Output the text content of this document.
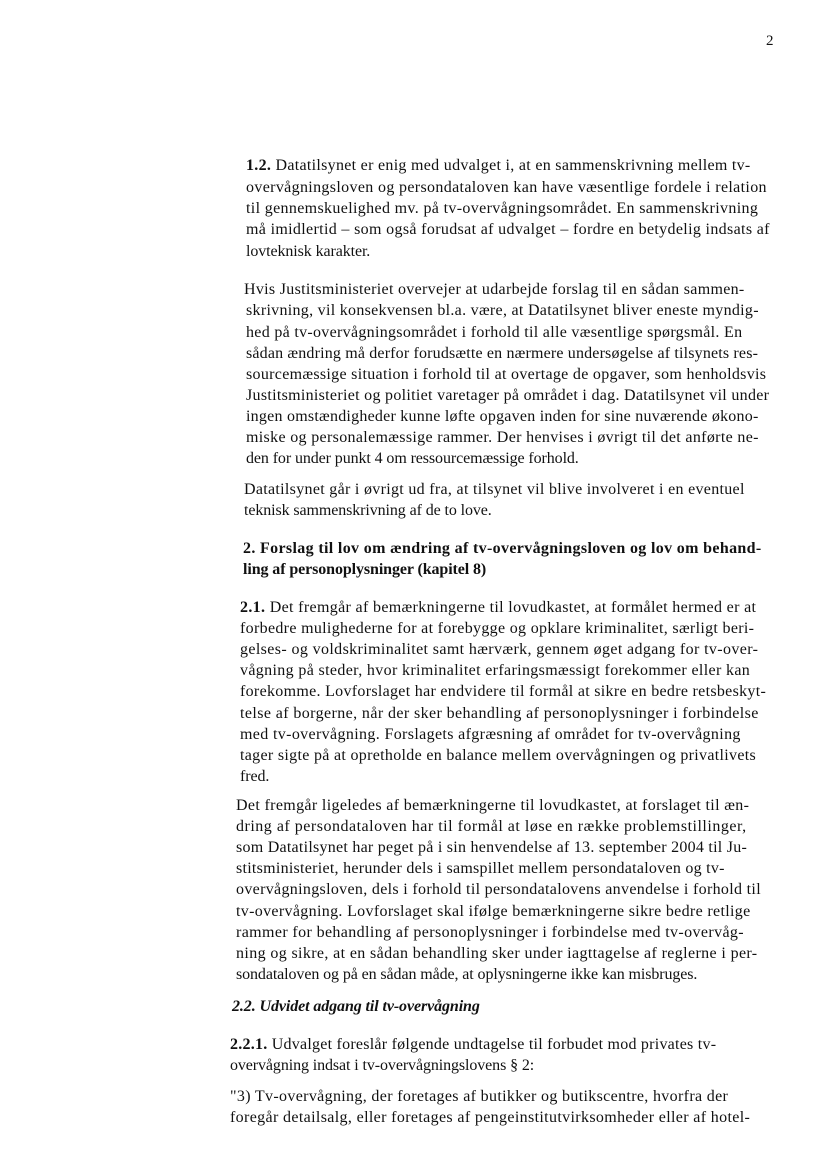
2
1.2. Datatilsynet er enig med udvalget i, at en sammenskrivning mellem tv-
overvågningsloven og persondataloven kan have væsentlige fordele i relation
til gennemskuelighed mv. på tv-overvågningsområdet. En sammenskrivning
må imidlertid – som også forudsat af udvalget – fordre en betydelig indsats af
lovteknisk karakter.
Hvis Justitsministeriet overvejer at udarbejde forslag til en sådan sammen-
skrivning, vil konsekvensen bl.a. være, at Datatilsynet bliver eneste myndig-
hed på tv-overvågningsområdet i forhold til alle væsentlige spørgsmål. En
sådan ændring må derfor forudsætte en nærmere undersøgelse af tilsynets res-
sourcemæssige situation i forhold til at overtage de opgaver, som henholdsvis
Justitsministeriet og politiet varetager på området i dag. Datatilsynet vil under
ingen omstændigheder kunne løfte opgaven inden for sine nuværende økono-
miske og personalemæssige rammer. Der henvises i øvrigt til det anførte ne-
den for under punkt 4 om ressourcemæssige forhold.
Datatilsynet går i øvrigt ud fra, at tilsynet vil blive involveret i en eventuel
teknisk sammenskrivning af de to love.
2. Forslag til lov om ændring af tv-overvågningsloven og lov om behand-
ling af personoplysninger (kapitel 8)
2.1. Det fremgår af bemærkningerne til lovudkastet, at formålet hermed er at
forbedre mulighederne for at forebygge og opklare kriminalitet, særligt beri-
gelses- og voldskriminalitet samt hærværk, gennem øget adgang for tv-over-
vågning på steder, hvor kriminalitet erfaringsmæssigt forekommer eller kan
forekomme. Lovforslaget har endvidere til formål at sikre en bedre retsbeskyt-
telse af borgerne, når der sker behandling af personoplysninger i forbindelse
med tv-overvågning. Forslagets afgræsning af området for tv-overvågning
tager sigte på at opretholde en balance mellem overvågningen og privatlivets
fred.
Det fremgår ligeledes af bemærkningerne til lovudkastet, at forslaget til æn-
dring af persondataloven har til formål at løse en række problemstillinger,
som Datatilsynet har peget på i sin henvendelse af 13. september 2004 til Ju-
stitsministeriet, herunder dels i samspillet mellem persondataloven og tv-
overvågningsloven, dels i forhold til persondatalovens anvendelse i forhold til
tv-overvågning. Lovforslaget skal ifølge bemærkningerne sikre bedre retlige
rammer for behandling af personoplysninger i forbindelse med tv-overvåg-
ning og sikre, at en sådan behandling sker under iagttagelse af reglerne i per-
sondataloven og på en sådan måde, at oplysningerne ikke kan misbruges.
2.2. Udvidet adgang til tv-overvågning
2.2.1. Udvalget foreslår følgende undtagelse til forbudet mod privates tv-
overvågning indsat i tv-overvågningslovens § 2:
"3) Tv-overvågning, der foretages af butikker og butikscentre, hvorfra der
foregår detailsalg, eller foretages af pengeinstitutvirksomheder eller af hotel-
